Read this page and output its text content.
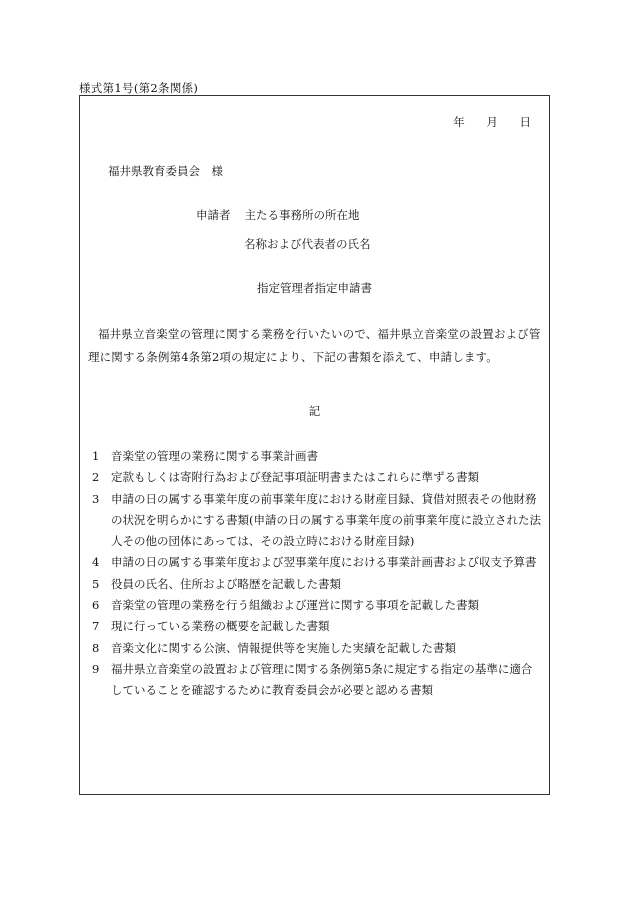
様式第1号(第2条関係)
年 月 日
福井県教育委員会　様
申請者 主たる事務所の所在地
名称および代表者の氏名
指定管理者指定申請書
福井県立音楽堂の管理に関する業務を行いたいので、福井県立音楽堂の設置および管理に関する条例第4条第2項の規定により、下記の書類を添えて、申請します。
記
1	音楽堂の管理の業務に関する事業計画書
2	定款もしくは寄附行為および登記事項証明書またはこれらに準ずる書類
3	申請の日の属する事業年度の前事業年度における財産目録、貸借対照表その他財務の状況を明らかにする書類(申請の日の属する事業年度の前事業年度に設立された法人その他の団体にあっては、その設立時における財産目録)
4	申請の日の属する事業年度および翌事業年度における事業計画書および収支予算書
5	役員の氏名、住所および略歴を記載した書類
6	音楽堂の管理の業務を行う組織および運営に関する事項を記載した書類
7	現に行っている業務の概要を記載した書類
8	音楽文化に関する公演、情報提供等を実施した実績を記載した書類
9	福井県立音楽堂の設置および管理に関する条例第5条に規定する指定の基準に適合していることを確認するために教育委員会が必要と認める書類
